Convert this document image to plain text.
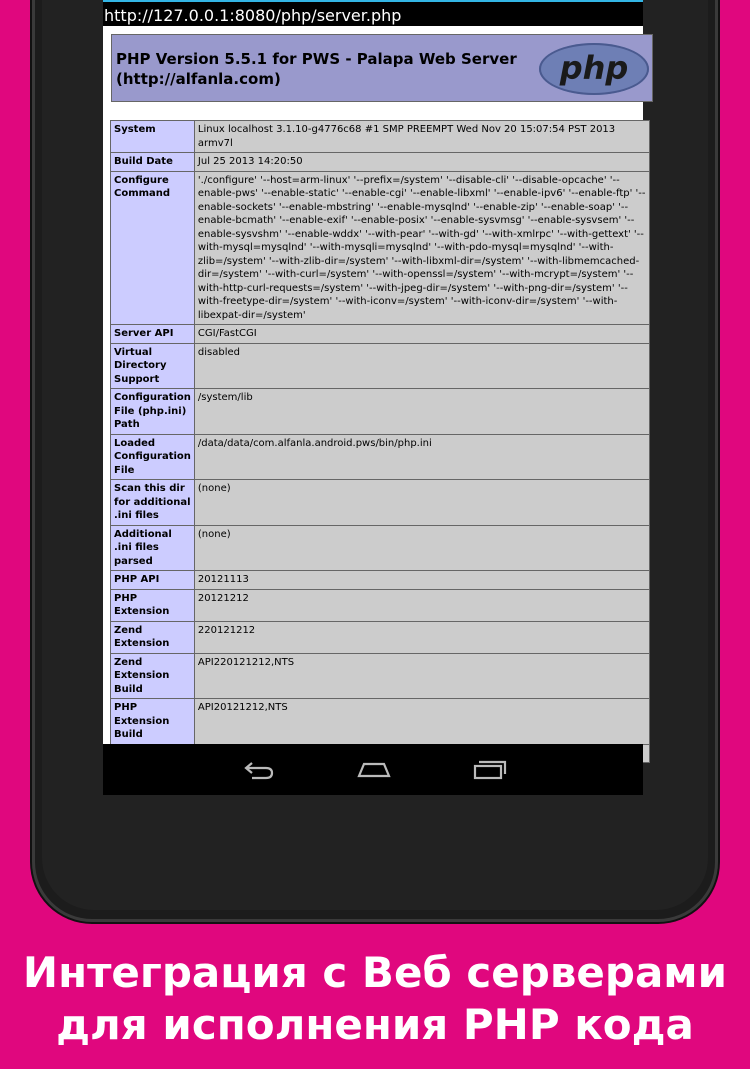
http://127.0.0.1:8080/php/server.php
PHP Version 5.5.1 for PWS - Palapa Web Server
(http://alfanla.com)	php
System	Linux localhost 3.1.10-g4776c68 #1 SMP PREEMPT Wed Nov 20 15:07:54 PST 2013 armv7l
Build Date	Jul 25 2013 14:20:50
Configure Command	'./configure' '--host=arm-linux' '--prefix=/system' '--disable-cli' '--disable-opcache' '--enable-pws' '--enable-static' '--enable-cgi' '--enable-libxml' '--enable-ipv6' '--enable-ftp' '--enable-sockets' '--enable-mbstring' '--enable-mysqlnd' '--enable-zip' '--enable-soap' '--enable-bcmath' '--enable-exif' '--enable-posix' '--enable-sysvmsg' '--enable-sysvsem' '--enable-sysvshm' '--enable-wddx' '--with-pear' '--with-gd' '--with-xmlrpc' '--with-gettext' '--with-mysql=mysqlnd' '--with-mysqli=mysqlnd' '--with-pdo-mysql=mysqlnd' '--with-zlib=/system' '--with-zlib-dir=/system' '--with-libxml-dir=/system' '--with-libmemcached-dir=/system' '--with-curl=/system' '--with-openssl=/system' '--with-mcrypt=/system' '--with-http-curl-requests=/system' '--with-jpeg-dir=/system' '--with-png-dir=/system' '--with-freetype-dir=/system' '--with-iconv=/system' '--with-iconv-dir=/system' '--with-libexpat-dir=/system'
Server API	CGI/FastCGI
Virtual Directory Support	disabled
Configuration File (php.ini) Path	/system/lib
Loaded Configuration File	/data/data/com.alfanla.android.pws/bin/php.ini
Scan this dir for additional .ini files	(none)
Additional .ini files parsed	(none)
PHP API	20121113
PHP Extension	20121212
Zend Extension	220121212
Zend Extension Build	API220121212,NTS
PHP Extension Build	API20121212,NTS

Интеграция с Веб серверами
для исполнения PHP кода
